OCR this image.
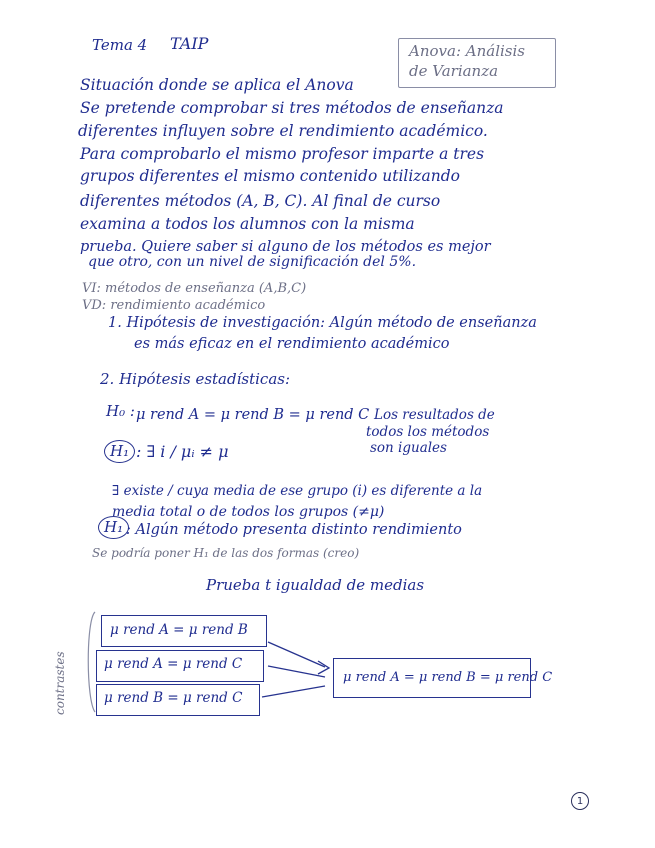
Tema 4 TAIP	Anova: Análisis
de Varianza
Situación donde se aplica el Anova
Se pretende comprobar si tres métodos de enseñanza
diferentes influyen sobre el rendimiento académico.
Para comprobarlo el mismo profesor imparte a tres
grupos diferentes el mismo contenido utilizando
diferentes métodos (A, B, C). Al final de curso
examina a todos los alumnos con la misma
prueba. Quiere saber si alguno de los métodos es mejor
que otro, con un nivel de significación del 5%.
VI: métodos de enseñanza (A,B,C)
VD: rendimiento académico
1. Hipótesis de investigación: Algún método de enseñanza
es más eficaz en el rendimiento académico
2. Hipótesis estadísticas:
H₀ : μ rend A = μ rend B = μ rend C Los resultados de
todos los métodos
son iguales
H₁ : ∃ i / μᵢ ≠ μ
∃ existe / cuya media de ese grupo (i) es diferente a la
media total o de todos los grupos (≠μ)
H₁ : Algún método presenta distinto rendimiento
Se podría poner H₁ de las dos formas (creo)
Prueba t igualdad de medias
contrastes
μ rend A = μ rend B
μ rend A = μ rend C
μ rend B = μ rend C
μ rend A = μ rend B = μ rend C
1
